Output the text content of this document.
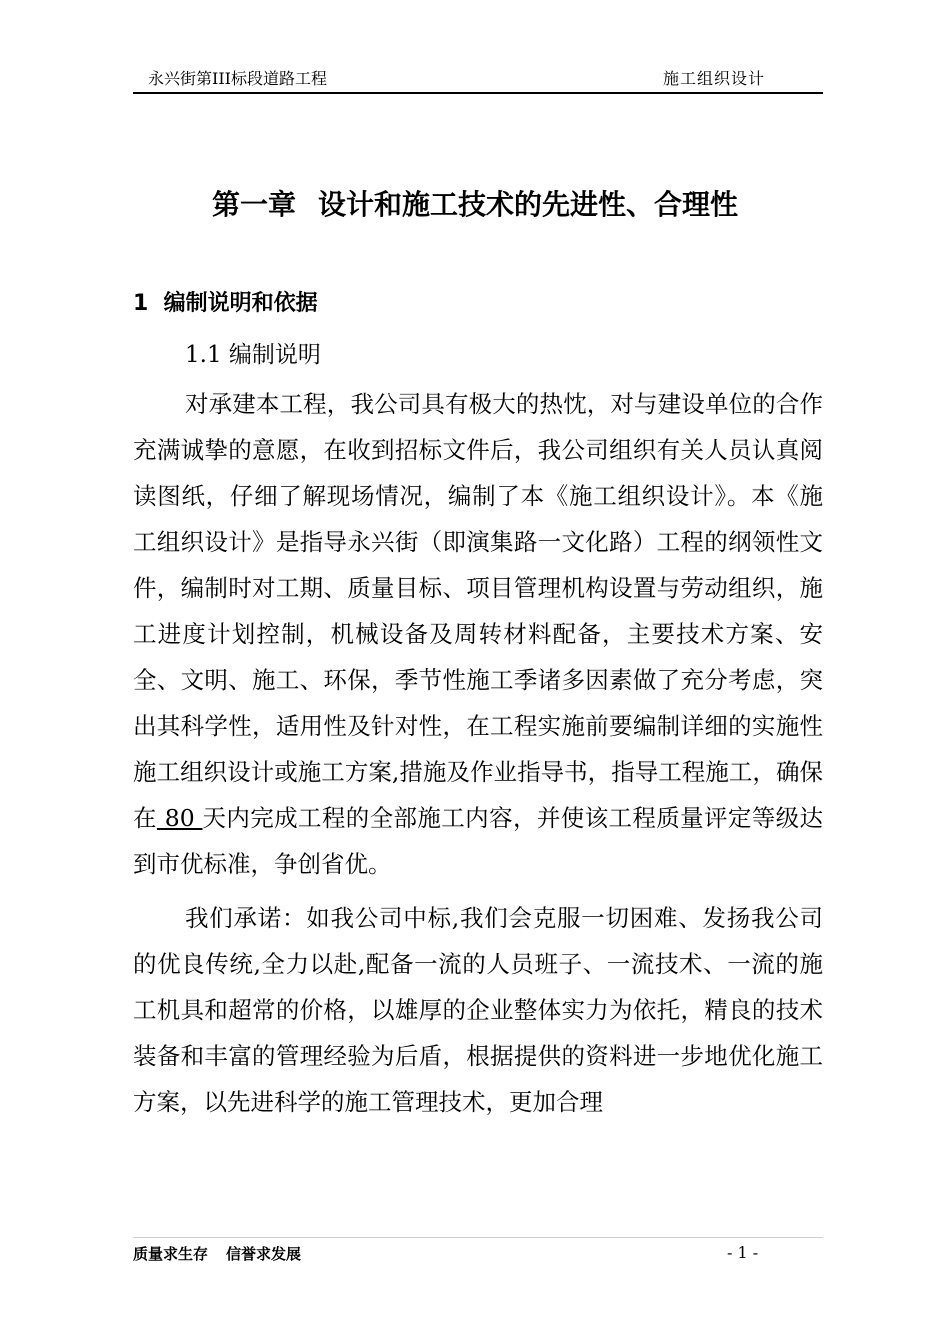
永兴街第III标段道路工程	施工组织设计
第一章 设计和施工技术的先进性、合理性
1 编制说明和依据
1.1 编制说明

对承建本工程，我公司具有极大的热忱，对与建设单位的合作充满诚挚的意愿，在收到招标文件后，我公司组织有关人员认真阅读图纸，仔细了解现场情况，编制了本《施工组织设计》。本《施工组织设计》是指导永兴街（即演集路一文化路）工程的纲领性文件，编制时对工期、质量目标、项目管理机构设置与劳动组织，施工进度计划控制，机械设备及周转材料配备，主要技术方案、安全、文明、施工、环保，季节性施工季诸多因素做了充分考虑，突出其科学性，适用性及针对性，在工程实施前要编制详细的实施性施工组织设计或施工方案,措施及作业指导书，指导工程施工，确保在 80 天内完成工程的全部施工内容，并使该工程质量评定等级达到市优标准，争创省优。

我们承诺：如我公司中标,我们会克服一切困难、发扬我公司的优良传统,全力以赴,配备一流的人员班子、一流技术、一流的施工机具和超常的价格，以雄厚的企业整体实力为依托，精良的技术装备和丰富的管理经验为后盾，根据提供的资料进一步地优化施工方案，以先进科学的施工管理技术，更加合理

质量求生存 信誉求发展	- 1 -
